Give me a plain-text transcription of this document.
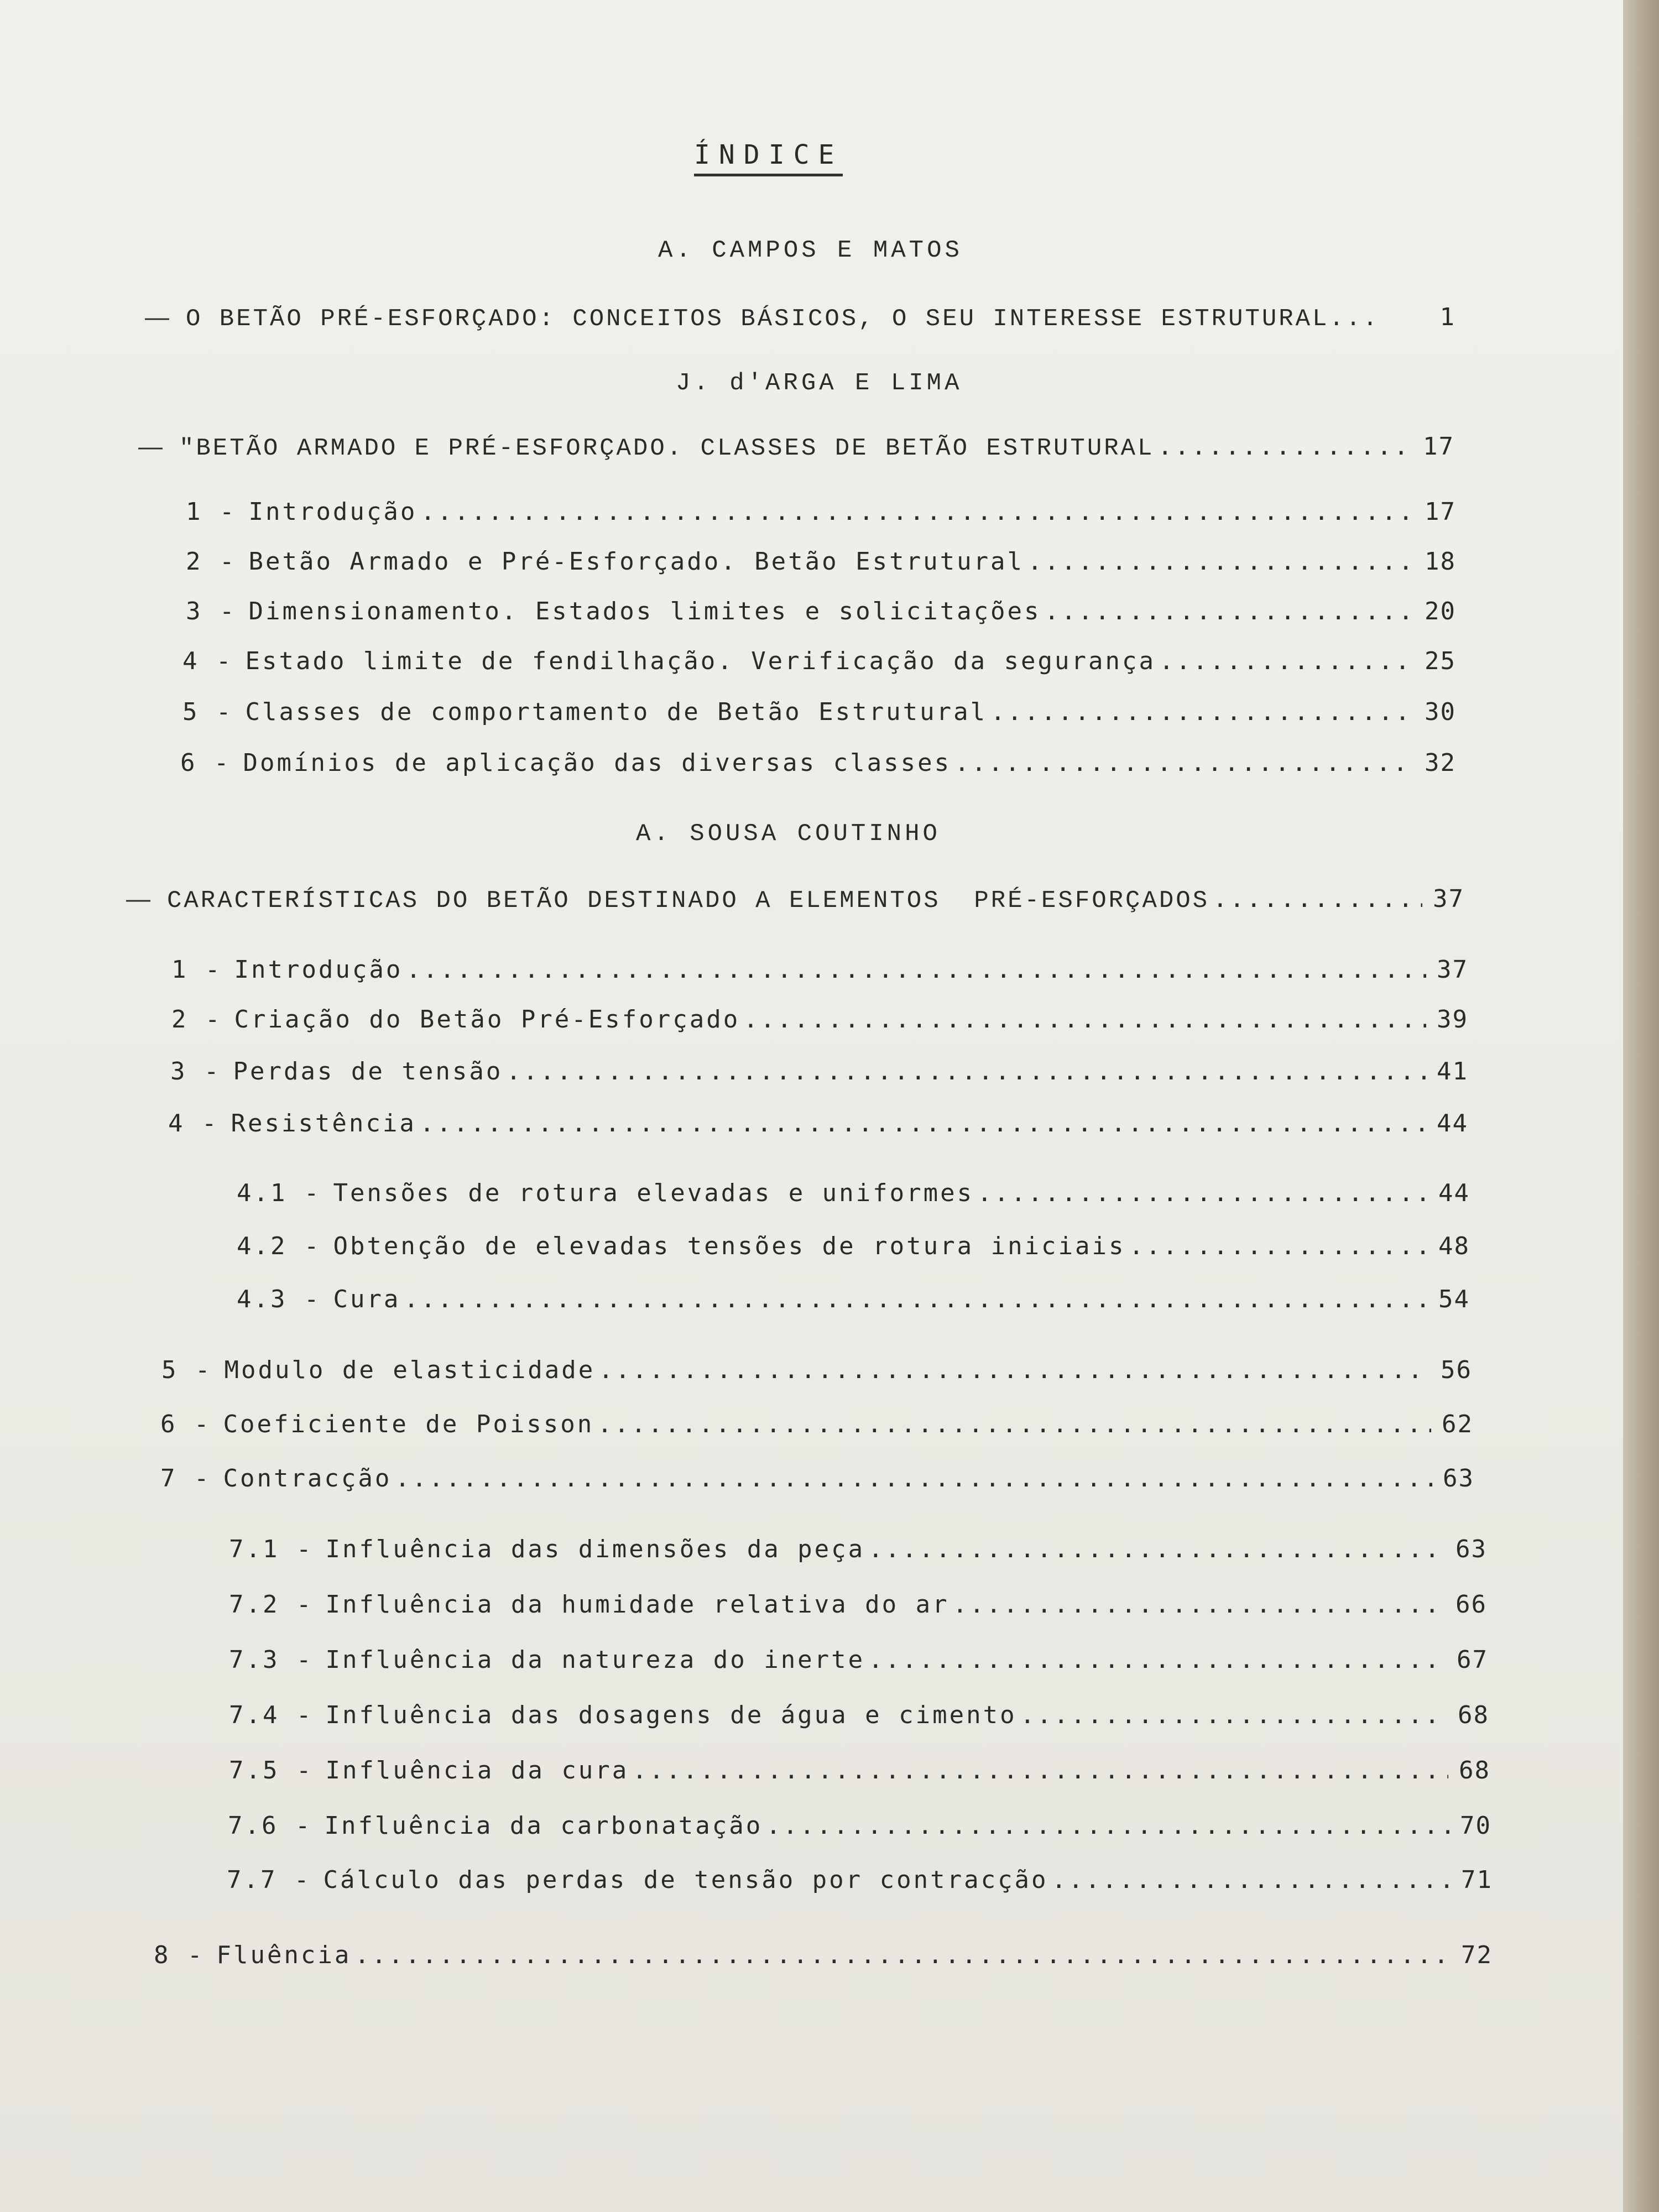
ÍNDICE
A. CAMPOS E MATOS
— O BETÃO PRÉ-ESFORÇADO: CONCEITOS BÁSICOS, O SEU INTERESSE ESTRUTURAL...	1
J. d'ARGA E LIMA
— "BETÃO ARMADO E PRÉ-ESFORÇADO. CLASSES DE BETÃO ESTRUTURAL .....	17
1 - Introdução .....	17
2 - Betão Armado e Pré-Esforçado. Betão Estrutural .....	18
3 - Dimensionamento. Estados limites e solicitações .....	20
4 - Estado limite de fendilhação. Verificação da segurança .....	25
5 - Classes de comportamento de Betão Estrutural .....	30
6 - Domínios de aplicação das diversas classes .....	32
A. SOUSA COUTINHO
— CARACTERÍSTICAS DO BETÃO DESTINADO A ELEMENTOS  PRÉ-ESFORÇADOS .....	37
1 - Introdução .....	37
2 - Criação do Betão Pré-Esforçado .....	39
3 - Perdas de tensão .....	41
4 - Resistência .....	44
4.1 - Tensões de rotura elevadas e uniformes .....	44
4.2 - Obtenção de elevadas tensões de rotura iniciais .....	48
4.3 - Cura .....	54
5 - Modulo de elasticidade .....	56
6 - Coeficiente de Poisson .....	62
7 - Contracção .....	63
7.1 - Influência das dimensões da peça .....	63
7.2 - Influência da humidade relativa do ar .....	66
7.3 - Influência da natureza do inerte .....	67
7.4 - Influência das dosagens de água e cimento .....	68
7.5 - Influência da cura .....	68
7.6 - Influência da carbonatação .....	70
7.7 - Cálculo das perdas de tensão por contracção .....	71
8 - Fluência .....	72
